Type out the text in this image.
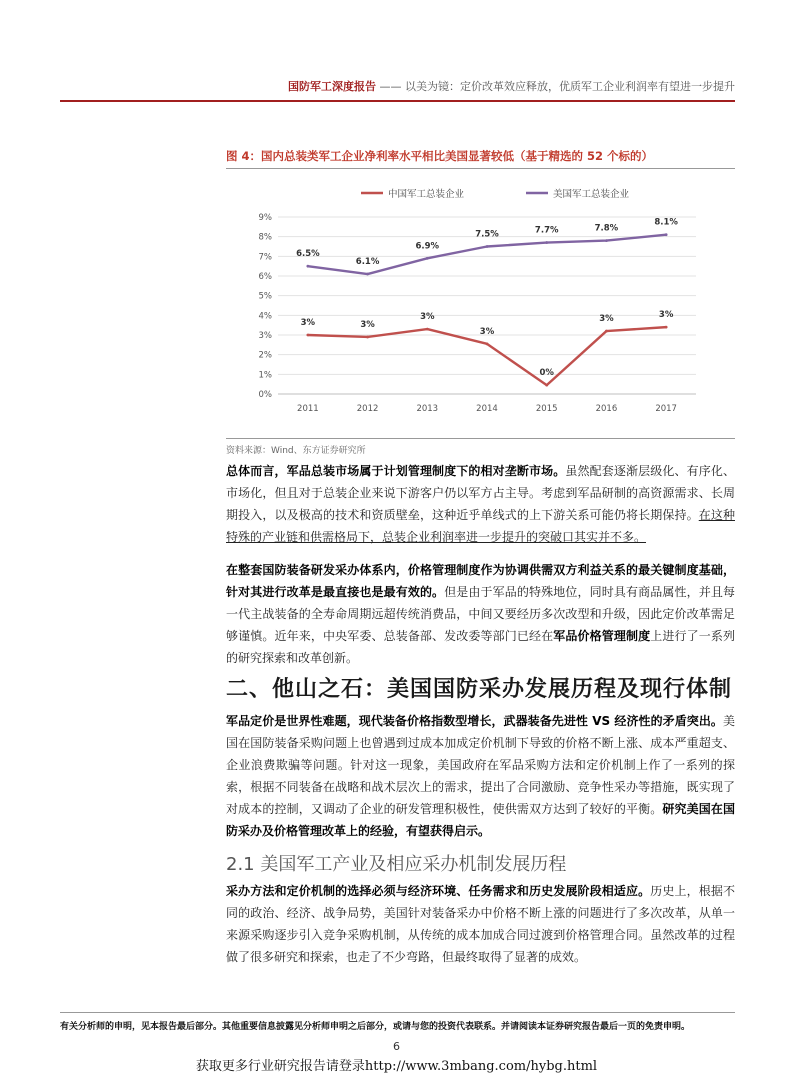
国防军工深度报告 —— 以美为镜：定价改革效应释放，优质军工企业利润率有望进一步提升
图 4：国内总装类军工企业净利率水平相比美国显著较低（基于精选的 52 个标的）
中国军工总装企业	美国军工总装企业
0%
1%
2%
3%
4%
5%
6%
7%
8%
9%
2011	2012	2013	2014	2015	2016	2017
3%	3%
3%
3%
0%
3%	3%
6.5%
6.1%
6.9%
7.5%	7.7%	7.8%
8.1%
资料来源：Wind、东方证券研究所
总体而言，军品总装市场属于计划管理制度下的相对垄断市场。虽然配套逐渐层级化、有序化、市场化，但且对于总装企业来说下游客户仍以军方占主导。考虑到军品研制的高资源需求、长周期投入，以及极高的技术和资质壁垒，这种近乎单线式的上下游关系可能仍将长期保持。在这种特殊的产业链和供需格局下，总装企业利润率进一步提升的突破口其实并不多。
在整套国防装备研发采办体系内，价格管理制度作为协调供需双方利益关系的最关键制度基础，针对其进行改革是最直接也是最有效的。但是由于军品的特殊地位，同时具有商品属性，并且每一代主战装备的全寿命周期远超传统消费品，中间又要经历多次改型和升级，因此定价改革需足够谨慎。近年来，中央军委、总装备部、发改委等部门已经在军品价格管理制度上进行了一系列的研究探索和改革创新。
二、他山之石：美国国防采办发展历程及现行体制
军品定价是世界性难题，现代装备价格指数型增长，武器装备先进性 VS 经济性的矛盾突出。美国在国防装备采购问题上也曾遇到过成本加成定价机制下导致的价格不断上涨、成本严重超支、企业浪费欺骗等问题。针对这一现象，美国政府在军品采购方法和定价机制上作了一系列的探索，根据不同装备在战略和战术层次上的需求，提出了合同激励、竞争性采办等措施，既实现了对成本的控制，又调动了企业的研发管理积极性，使供需双方达到了较好的平衡。研究美国在国防采办及价格管理改革上的经验，有望获得启示。
2.1 美国军工产业及相应采办机制发展历程
采办方法和定价机制的选择必须与经济环境、任务需求和历史发展阶段相适应。历史上，根据不同的政治、经济、战争局势，美国针对装备采办中价格不断上涨的问题进行了多次改革，从单一来源采购逐步引入竞争采购机制，从传统的成本加成合同过渡到价格管理合同。虽然改革的过程做了很多研究和探索，也走了不少弯路，但最终取得了显著的成效。
有关分析师的申明，见本报告最后部分。其他重要信息披露见分析师申明之后部分，或请与您的投资代表联系。并请阅读本证券研究报告最后一页的免责申明。
6
获取更多行业研究报告请登录http://www.3mbang.com/hybg.html
